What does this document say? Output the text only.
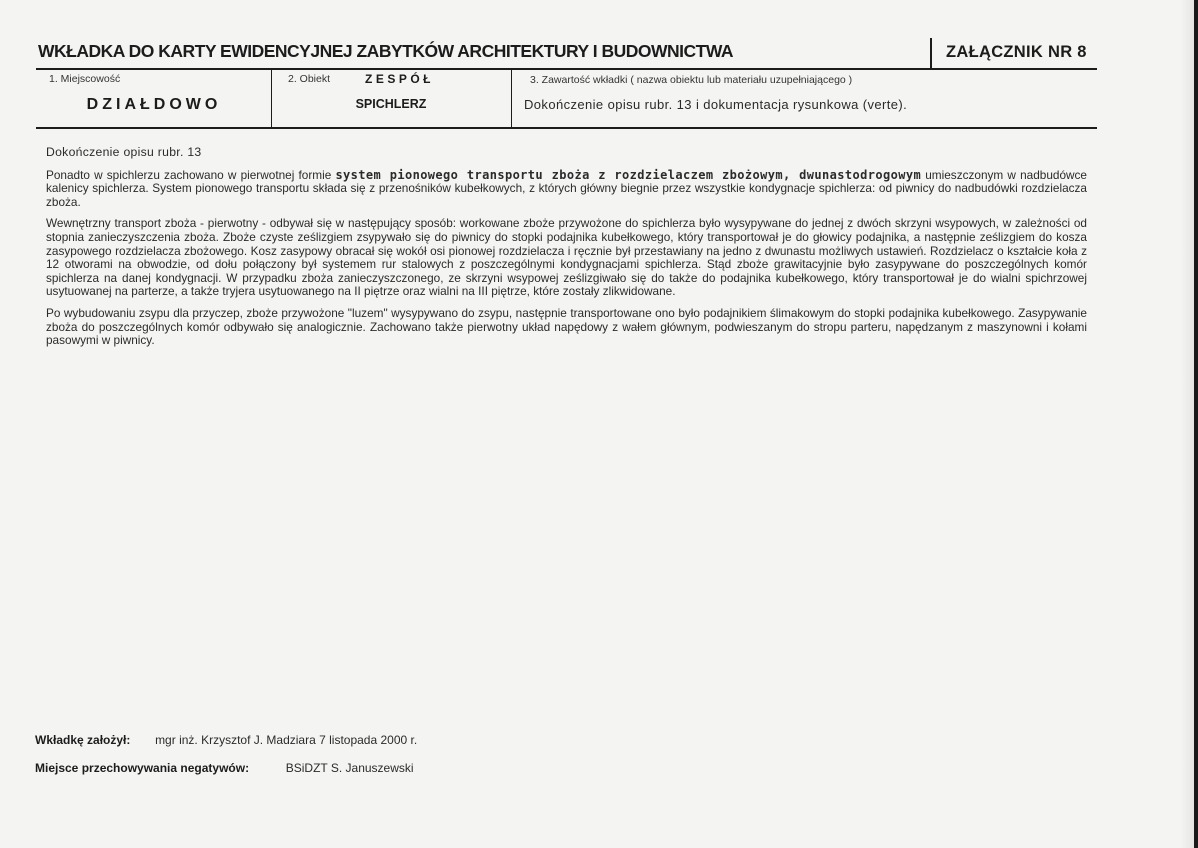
WKŁADKA DO KARTY EWIDENCYJNEJ ZABYTKÓW ARCHITEKTURY I BUDOWNICTWA	ZAŁĄCZNIK NR 8
1. Miejscowość
DZIAŁDOWO
2. Obiekt	ZESPÓŁ
SPICHLERZ
3. Zawartość wkładki ( nazwa obiektu lub materiału uzupełniającego )
Dokończenie opisu rubr. 13 i dokumentacja rysunkowa (verte).
Dokończenie opisu rubr. 13

Ponadto w spichlerzu zachowano w pierwotnej formie system pionowego transportu zboża z rozdzielaczem zbożowym, dwunastodrogowym umieszczonym w nadbudówce kalenicy spichlerza. System pionowego transportu składa się z przenośników kubełkowych, z których główny biegnie przez wszystkie kondygnacje spichlerza: od piwnicy do nadbudówki rozdzielacza zboża.

Wewnętrzny transport zboża - pierwotny - odbywał się w następujący sposób: workowane zboże przywożone do spichlerza było wysypywane do jednej z dwóch skrzyni wsypowych, w zależności od stopnia zanieczyszczenia zboża. Zboże czyste ześlizgiem zsypywało się do piwnicy do stopki podajnika kubełkowego, który transportował je do głowicy podajnika, a następnie ześlizgiem do kosza zasypowego rozdzielacza zbożowego. Kosz zasypowy obracał się wokół osi pionowej rozdzielacza i ręcznie był przestawiany na jedno z dwunastu możliwych ustawień. Rozdzielacz o kształcie koła z 12 otworami na obwodzie, od dołu połączony był systemem rur stalowych z poszczególnymi kondygnacjami spichlerza. Stąd zboże grawitacyjnie było zasypywane do poszczególnych komór spichlerza na danej kondygnacji. W przypadku zboża zanieczyszczonego, ze skrzyni wsypowej ześlizgiwało się do także do podajnika kubełkowego, który transportował je do wialni spichrzowej usytuowanej na parterze, a także tryjera usytuowanego na II piętrze oraz wialni na III piętrze, które zostały zlikwidowane.

Po wybudowaniu zsypu dla przyczep, zboże przywożone "luzem" wysypywano do zsypu, następnie transportowane ono było podajnikiem ślimakowym do stopki podajnika kubełkowego. Zasypywanie zboża do poszczególnych komór odbywało się analogicznie. Zachowano także pierwotny układ napędowy z wałem głównym, podwieszanym do stropu parteru, napędzanym z maszynowni i kołami pasowymi w piwnicy.

Wkładkę założył: mgr inż. Krzysztof J. Madziara 7 listopada 2000 r.
Miejsce przechowywania negatywów:	BSiDZT S. Januszewski
